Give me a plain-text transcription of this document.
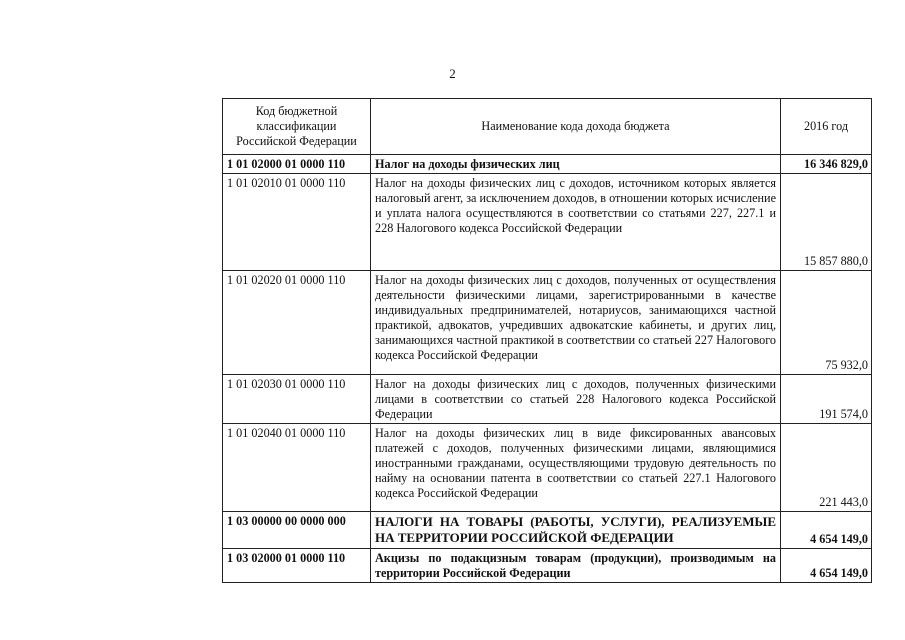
2
Код бюджетной классификации Российской Федерации	Наименование кода дохода бюджета	2016 год
1 01 02000 01 0000 110	Налог на доходы физических лиц	16 346 829,0
1 01 02010 01 0000 110	Налог на доходы физических лиц с доходов, источником которых является налоговый агент, за исключением доходов, в отношении которых исчисление и уплата налога осуществляются в соответствии со статьями 227, 227.1 и 228 Налогового кодекса Российской Федерации	15 857 880,0
1 01 02020 01 0000 110	Налог на доходы физических лиц с доходов, полученных от осуществления деятельности физическими лицами, зарегистрированными в качестве индивидуальных предпринимателей, нотариусов, занимающихся частной практикой, адвокатов, учредивших адвокатские кабинеты, и других лиц, занимающихся частной практикой в соответствии со статьей 227 Налогового кодекса Российской Федерации	75 932,0
1 01 02030 01 0000 110	Налог на доходы физических лиц с доходов, полученных физическими лицами в соответствии со статьей 228 Налогового кодекса Российской Федерации	191 574,0
1 01 02040 01 0000 110	Налог на доходы физических лиц в виде фиксированных авансовых платежей с доходов, полученных физическими лицами, являющимися иностранными гражданами, осуществляющими трудовую деятельность по найму на основании патента в соответствии со статьей 227.1 Налогового кодекса Российской Федерации	221 443,0
1 03 00000 00 0000 000	НАЛОГИ НА ТОВАРЫ (РАБОТЫ, УСЛУГИ), РЕАЛИЗУЕМЫЕ НА ТЕРРИТОРИИ РОССИЙСКОЙ ФЕДЕРАЦИИ	4 654 149,0
1 03 02000 01 0000 110	Акцизы по подакцизным товарам (продукции), производимым на территории Российской Федерации	4 654 149,0
